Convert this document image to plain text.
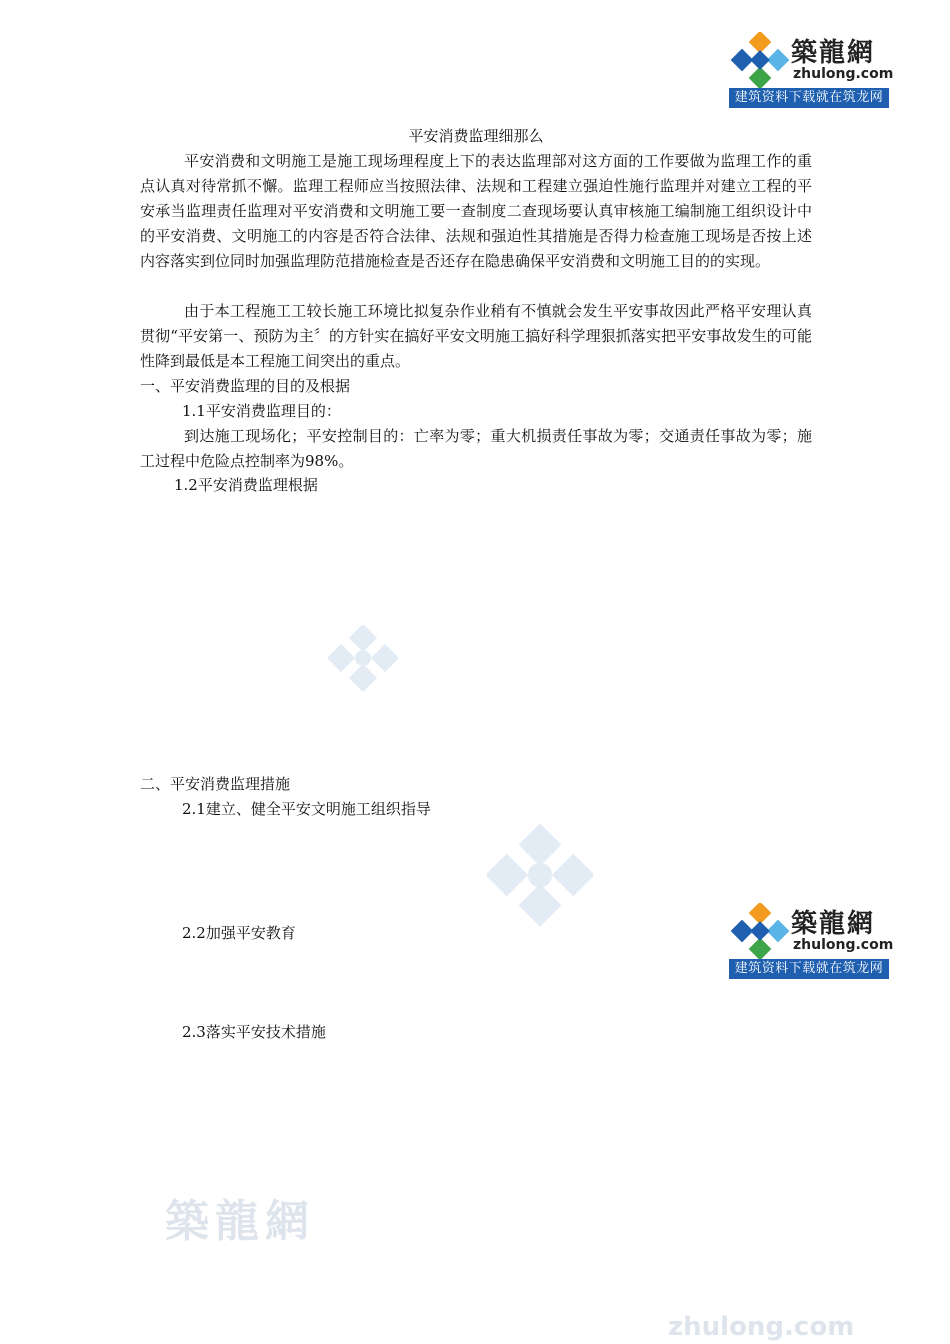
築龍網
zhulong.com
築龍網
zhulong.com
建筑资料下载就在筑龙网
築龍網
zhulong.com
建筑资料下载就在筑龙网
平安消费监理细那么

平安消费和文明施工是施工现场理程度上下的表达监理部对这方面的工作要做为监理工作的重点认真对待常抓不懈。监理工程师应当按照法律、法规和工程建立强迫性施行监理并对建立工程的平安承当监理责任监理对平安消费和文明施工要一查制度二查现场要认真审核施工编制施工组织设计中的平安消费、文明施工的内容是否符合法律、法规和强迫性其措施是否得力检查施工现场是否按上述内容落实到位同时加强监理防范措施检查是否还存在隐患确保平安消费和文明施工目的的实现。

由于本工程施工工较长施工环境比拟复杂作业稍有不慎就会发生平安事故因此严格平安理认真贯彻“平安第一、预防为主〞的方针实在搞好平安文明施工搞好科学理狠抓落实把平安事故发生的可能性降到最低是本工程施工间突出的重点。

一、平安消费监理的目的及根据
1.1平安消费监理目的：

到达施工现场化；平安控制目的：亡率为零；重大机损责任事故为零；交通责任事故为零；施工过程中危险点控制率为98%。

1.2平安消费监理根据
二、平安消费监理措施
2.1建立、健全平安文明施工组织指导
2.2加强平安教育
2.3落实平安技术措施
